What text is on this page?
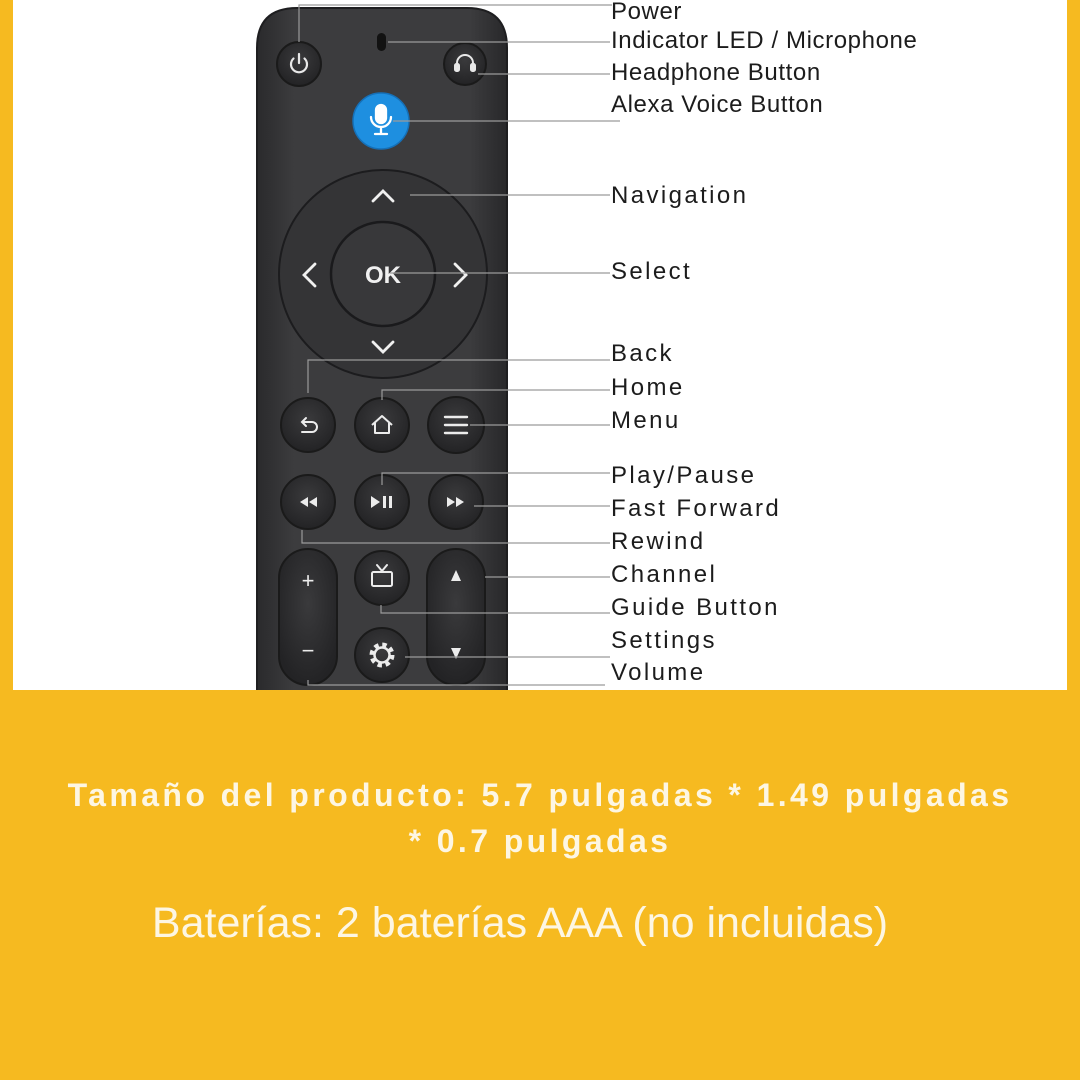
OK
+
−
Power
Indicator LED / Microphone
Headphone Button
Alexa Voice Button
Navigation
Select
Back
Home
Menu
Play/Pause
Fast Forward
Rewind
Channel
Guide Button
Settings
Volume
Tamaño del producto: 5.7 pulgadas * 1.49 pulgadas * 0.7 pulgadas
Baterías: 2 baterías AAA (no incluidas)
